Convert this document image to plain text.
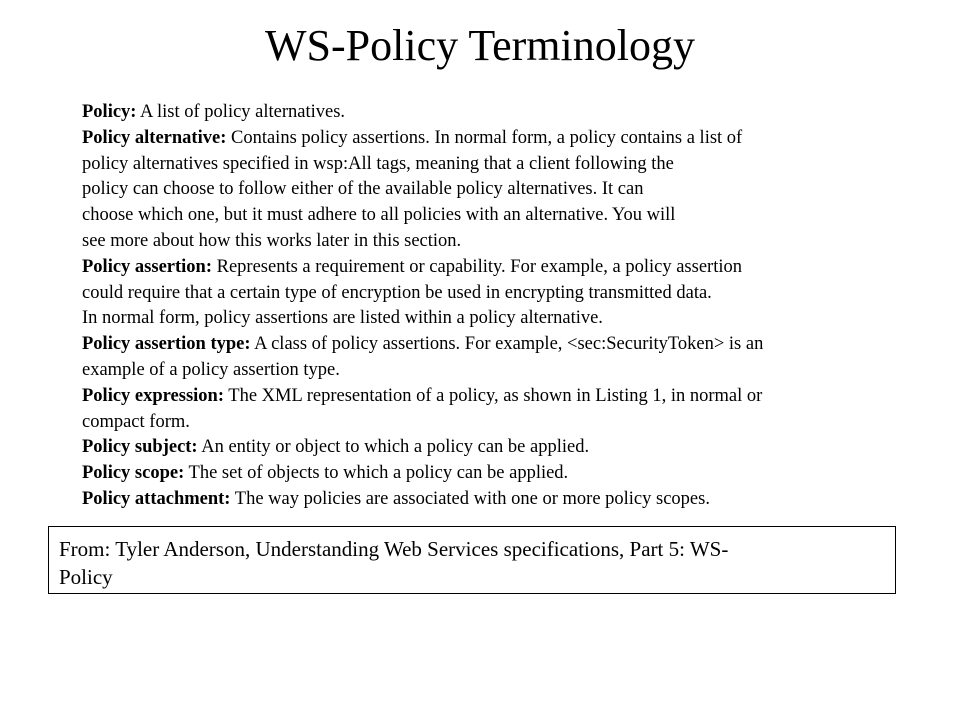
WS-Policy Terminology
Policy: A list of policy alternatives.
Policy alternative: Contains policy assertions. In normal form, a policy contains a list of
policy alternatives specified in wsp:All tags, meaning that a client following the
policy can choose to follow either of the available policy alternatives. It can
choose which one, but it must adhere to all policies with an alternative. You will
see more about how this works later in this section.
Policy assertion: Represents a requirement or capability. For example, a policy assertion
could require that a certain type of encryption be used in encrypting transmitted data.
In normal form, policy assertions are listed within a policy alternative.
Policy assertion type: A class of policy assertions. For example, <sec:SecurityToken> is an
example of a policy assertion type.
Policy expression: The XML representation of a policy, as shown in Listing 1, in normal or
compact form.
Policy subject: An entity or object to which a policy can be applied.
Policy scope: The set of objects to which a policy can be applied.
Policy attachment: The way policies are associated with one or more policy scopes.
From: Tyler Anderson, Understanding Web Services specifications, Part 5: WS-
Policy
